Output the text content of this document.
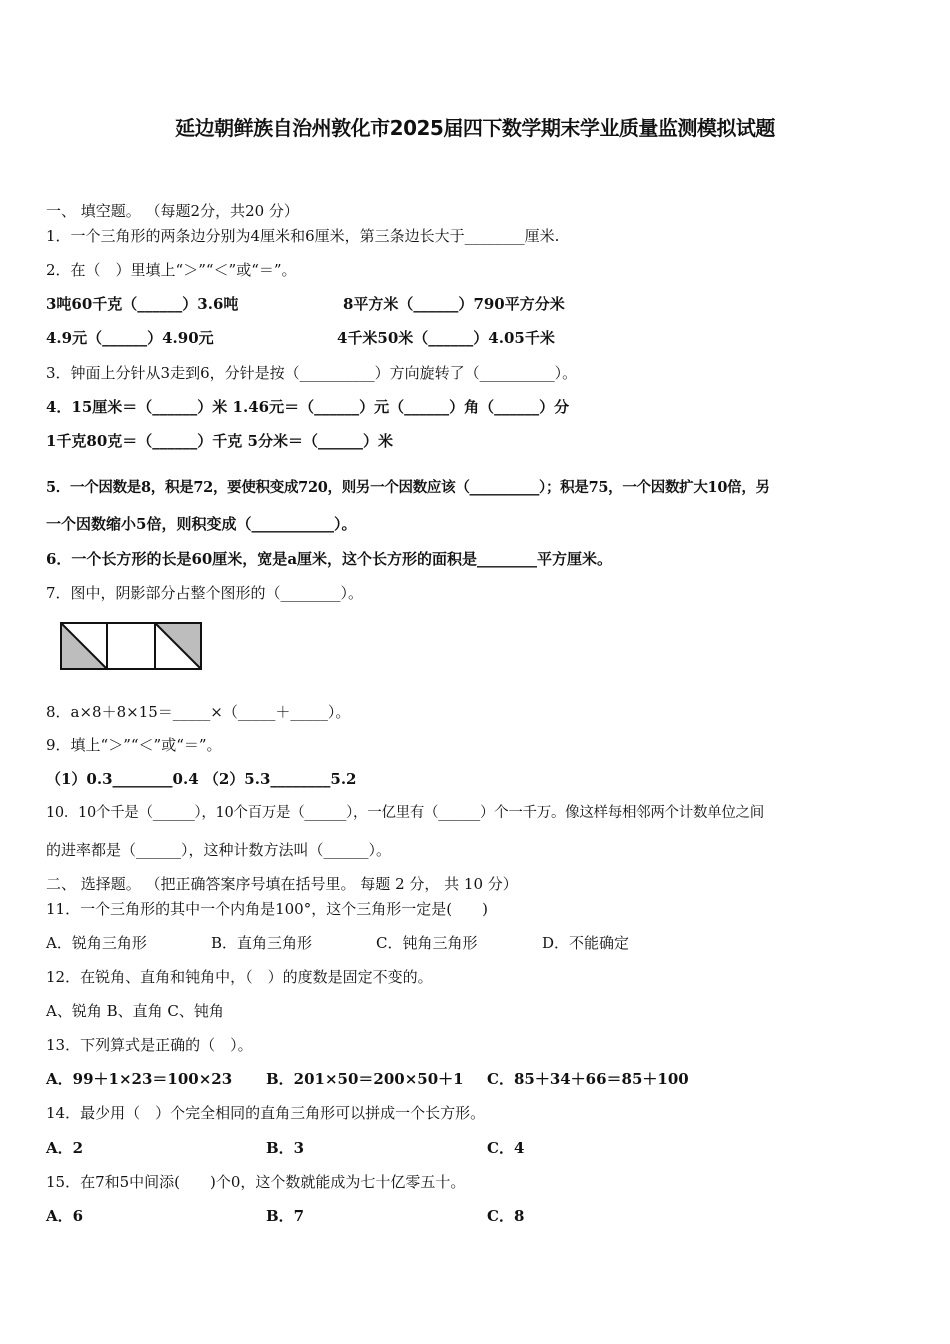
延边朝鲜族自治州敦化市2025届四下数学期末学业质量监测模拟试题
一、 填空题。 （每题2分，共20 分）
1．一个三角形的两条边分别为4厘米和6厘米，第三条边长大于________厘米.
2．在（　）里填上“＞”“＜”或“＝”。
3吨60千克（______）3.6吨	8平方米（______）790平方分米
4.9元（______）4.90元	4千米50米（______）4.05千米
3．钟面上分针从3走到6，分针是按（__________）方向旋转了（__________）。
4．15厘米＝（______）米 1.46元＝（______）元（______）角（______）分
1千克80克＝（______）千克 5分米＝（______）米
5．一个因数是8，积是72，要使积变成720，则另一个因数应该（__________）；积是75，一个因数扩大10倍，另
一个因数缩小5倍，则积变成（___________）。
6．一个长方形的长是60厘米，宽是a厘米，这个长方形的面积是________平方厘米。
7．图中，阴影部分占整个图形的（________）。
8．a×8＋8×15＝_____×（_____＋_____）。
9．填上“＞”“＜”或“＝”。
（1）0.3________0.4 （2）5.3________5.2
10．10个千是（______），10个百万是（______），一亿里有（______）个一千万。像这样每相邻两个计数单位之间
的进率都是（______），这种计数方法叫（______）。
二、 选择题。 （把正确答案序号填在括号里。 每题 2 分， 共 10 分）
11．一个三角形的其中一个内角是100°，这个三角形一定是(　　)
A．锐角三角形	B．直角三角形	C．钝角三角形	D．不能确定
12．在锐角、直角和钝角中，（　）的度数是固定不变的。
A、锐角 B、直角 C、钝角
13．下列算式是正确的（　）。
A．99＋1×23＝100×23 B．201×50＝200×50＋1 C．85＋34＋66＝85＋100
14．最少用（　）个完全相同的直角三角形可以拼成一个长方形。
A．2	B．3	C．4
15．在7和5中间添(　　)个0，这个数就能成为七十亿零五十。
A．6	B．7	C．8
